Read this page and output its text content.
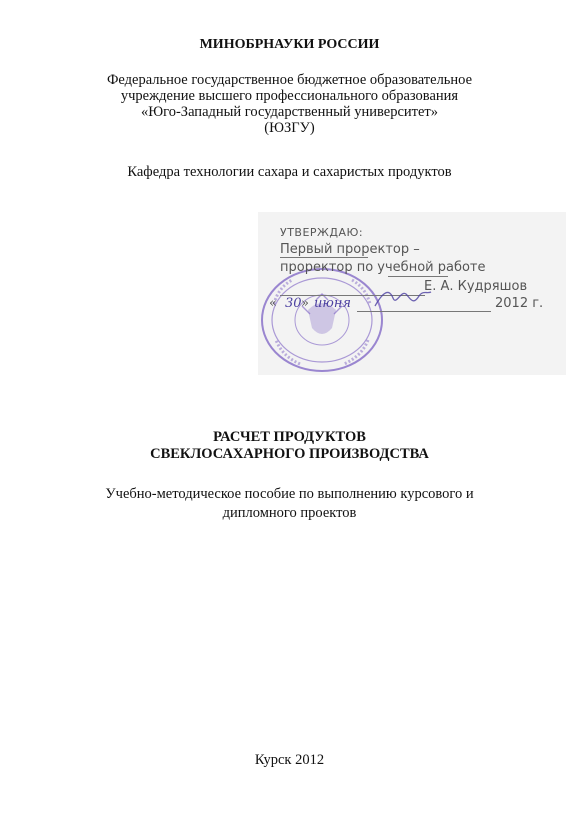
МИНОБРНАУКИ РОССИИ
Федеральное государственное бюджетное образовательное
учреждение высшего профессионального образования
«Юго-Западный государственный университет»
(ЮЗГУ)
Кафедра технологии сахара и сахаристых продуктов
УТВЕРЖДАЮ:
Первый проректор –
проректор по учебной работе
Е. А. Кудряшов
« 30 » июня	2012 г.
РАСЧЕТ ПРОДУКТОВ
СВЕКЛОСАХАРНОГО ПРОИЗВОДСТВА
Учебно-методическое пособие по выполнению курсового и
дипломного проектов
Курск 2012
